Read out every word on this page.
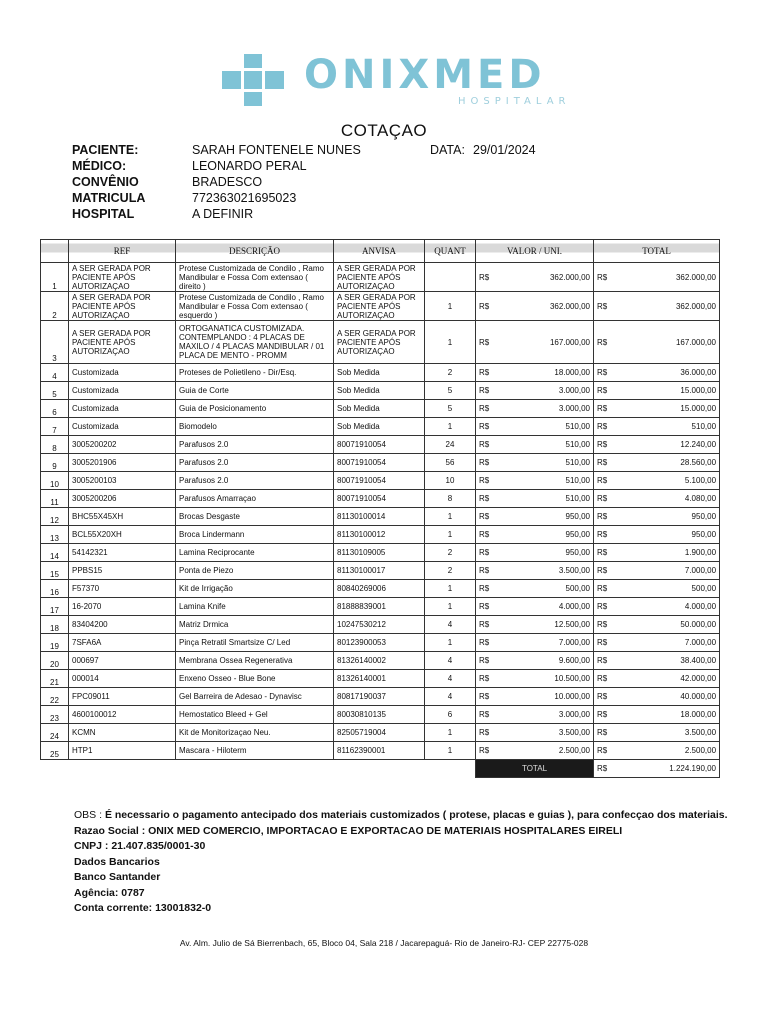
ONIXMED
HOSPITALAR
COTAÇAO
PACIENTE:	SARAH FONTENELE NUNES	DATA: 29/01/2024
MÉDICO:	LEONARDO PERAL
CONVÊNIO	BRADESCO
MATRICULA	772363021695023
HOSPITAL	A DEFINIR
	REF	DESCRIÇÃO	ANVISA	QUANT	VALOR / UNI.		TOTAL	
1	A SER GERADA POR PACIENTE APÓS AUTORIZAÇAO	Protese Customizada de Condilo , Ramo Mandibular e Fossa Com extensao ( direito )	A SER GERADA POR PACIENTE APÓS AUTORIZAÇAO		R$	362.000,00	R$	362.000,00
2	A SER GERADA POR PACIENTE APÓS AUTORIZAÇAO	Protese Customizada de Condilo , Ramo Mandibular e Fossa Com extensao ( esquerdo )	A SER GERADA POR PACIENTE APÓS AUTORIZAÇAO	1	R$	362.000,00	R$	362.000,00
3	A SER GERADA POR PACIENTE APÓS AUTORIZAÇAO	ORTOGANATICA CUSTOMIZADA. CONTEMPLANDO : 4 PLACAS DE MAXILO / 4 PLACAS MANDIBULAR / 01 PLACA DE MENTO - PROMM	A SER GERADA POR PACIENTE APÓS AUTORIZAÇAO	1	R$	167.000,00	R$	167.000,00
4	Customizada	Proteses de Polietileno - Dir/Esq.	Sob Medida	2	R$	18.000,00	R$	36.000,00
5	Customizada	Guia de Corte	Sob Medida	5	R$	3.000,00	R$	15.000,00
6	Customizada	Guia de Posicionamento	Sob Medida	5	R$	3.000,00	R$	15.000,00
7	Customizada	Biomodelo	Sob Medida	1	R$	510,00	R$	510,00
8	3005200202	Parafusos 2.0	80071910054	24	R$	510,00	R$	12.240,00
9	3005201906	Parafusos 2.0	80071910054	56	R$	510,00	R$	28.560,00
10	3005200103	Parafusos 2.0	80071910054	10	R$	510,00	R$	5.100,00
11	3005200206	Parafusos Amarraçao	80071910054	8	R$	510,00	R$	4.080,00
12	BHC55X45XH	Brocas Desgaste	81130100014	1	R$	950,00	R$	950,00
13	BCL55X20XH	Broca Lindermann	81130100012	1	R$	950,00	R$	950,00
14	54142321	Lamina Reciprocante	81130109005	2	R$	950,00	R$	1.900,00
15	PPBS15	Ponta de Piezo	81130100017	2	R$	3.500,00	R$	7.000,00
16	F57370	Kit de Irrigação	80840269006	1	R$	500,00	R$	500,00
17	16-2070	Lamina Knife	81888839001	1	R$	4.000,00	R$	4.000,00
18	83404200	Matriz Drmica	10247530212	4	R$	12.500,00	R$	50.000,00
19	7SFA6A	Pinça Retratil Smartsize C/ Led	80123900053	1	R$	7.000,00	R$	7.000,00
20	000697	Membrana Ossea Regenerativa	81326140002	4	R$	9.600,00	R$	38.400,00
21	000014	Enxeno Osseo - Blue Bone	81326140001	4	R$	10.500,00	R$	42.000,00
22	FPC09011	Gel Barreira de Adesao - Dynavisc	80817190037	4	R$	10.000,00	R$	40.000,00
23	4600100012	Hemostatico Bleed + Gel	80030810135	6	R$	3.000,00	R$	18.000,00
24	KCMN	Kit de Monitorizaçao Neu.	82505719004	1	R$	3.500,00	R$	3.500,00
25	HTP1	Mascara - Hiloterm	81162390001	1	R$	2.500,00	R$	2.500,00
					TOTAL		R$	1.224.190,00
OBS : É necessario o pagamento antecipado dos materiais customizados ( protese, placas e guias ), para confecçao dos materiais.
Razao Social : ONIX MED COMERCIO, IMPORTACAO E EXPORTACAO DE MATERIAIS HOSPITALARES EIRELI
CNPJ : 21.407.835/0001-30
Dados Bancarios
Banco Santander
Agência: 0787
Conta corrente: 13001832-0
Av. Alm. Julio de Sá Bierrenbach, 65, Bloco 04, Sala 218 / Jacarepaguá- Rio de Janeiro-RJ- CEP 22775-028
